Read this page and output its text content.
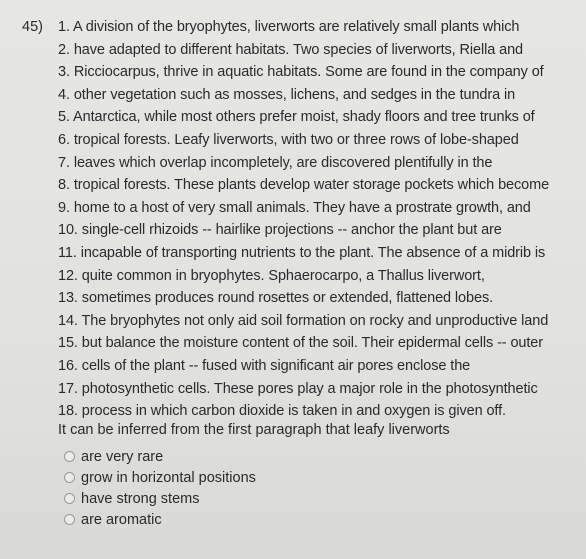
45) 1. A division of the bryophytes, liverworts are relatively small plants which
2. have adapted to different habitats. Two species of liverworts, Riella and
3. Ricciocarpus, thrive in aquatic habitats. Some are found in the company of
4. other vegetation such as mosses, lichens, and sedges in the tundra in
5. Antarctica, while most others prefer moist, shady floors and tree trunks of
6. tropical forests. Leafy liverworts, with two or three rows of lobe-shaped
7. leaves which overlap incompletely, are discovered plentifully in the
8. tropical forests. These plants develop water storage pockets which become
9. home to a host of very small animals. They have a prostrate growth, and
10. single-cell rhizoids -- hairlike projections -- anchor the plant but are
11. incapable of transporting nutrients to the plant. The absence of a midrib is
12. quite common in bryophytes. Sphaerocarpo, a Thallus liverwort,
13. sometimes produces round rosettes or extended, flattened lobes.
14. The bryophytes not only aid soil formation on rocky and unproductive land
15. but balance the moisture content of the soil. Their epidermal cells -- outer
16. cells of the plant -- fused with significant air pores enclose the
17. photosynthetic cells. These pores play a major role in the photosynthetic
18. process in which carbon dioxide is taken in and oxygen is given off.
It can be inferred from the first paragraph that leafy liverworts
are very rare
grow in horizontal positions
have strong stems
are aromatic
